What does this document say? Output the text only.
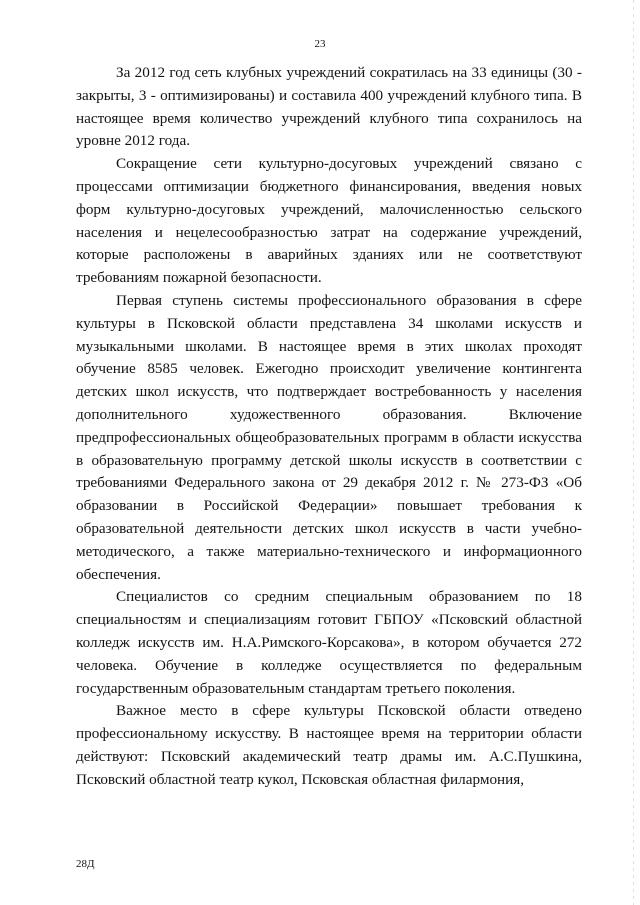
23

За 2012 год сеть клубных учреждений сократилась на 33 единицы (30 - закрыты, 3 - оптимизированы) и составила 400 учреждений клубного типа. В настоящее время количество учреждений клубного типа сохранилось на уровне 2012 года.

Сокращение сети культурно-досуговых учреждений связано с процессами оптимизации бюджетного финансирования, введения новых форм культурно-досуговых учреждений, малочисленностью сельского населения и нецелесообразностью затрат на содержание учреждений, которые расположены в аварийных зданиях или не соответствуют требованиям пожарной безопасности.

Первая ступень системы профессионального образования в сфере культуры в Псковской области представлена 34 школами искусств и музыкальными школами. В настоящее время в этих школах проходят обучение 8585 человек. Ежегодно происходит увеличение контингента детских школ искусств, что подтверждает востребованность у населения дополнительного художественного образования. Включение предпрофессиональных общеобразовательных программ в области искусства в образовательную программу детской школы искусств в соответствии с требованиями Федерального закона от 29 декабря 2012 г. № 273-ФЗ «Об образовании в Российской Федерации» повышает требования к образовательной деятельности детских школ искусств в части учебно-методического, а также материально-технического и информационного обеспечения.

Специалистов со средним специальным образованием по 18 специальностям и специализациям готовит ГБПОУ «Псковский областной колледж искусств им. Н.А.Римского-Корсакова», в котором обучается 272 человека. Обучение в колледже осуществляется по федеральным государственным образовательным стандартам третьего поколения.

Важное место в сфере культуры Псковской области отведено профессиональному искусству. В настоящее время на территории области действуют: Псковский академический театр драмы им. А.С.Пушкина, Псковский областной театр кукол, Псковская областная филармония,

28Д
